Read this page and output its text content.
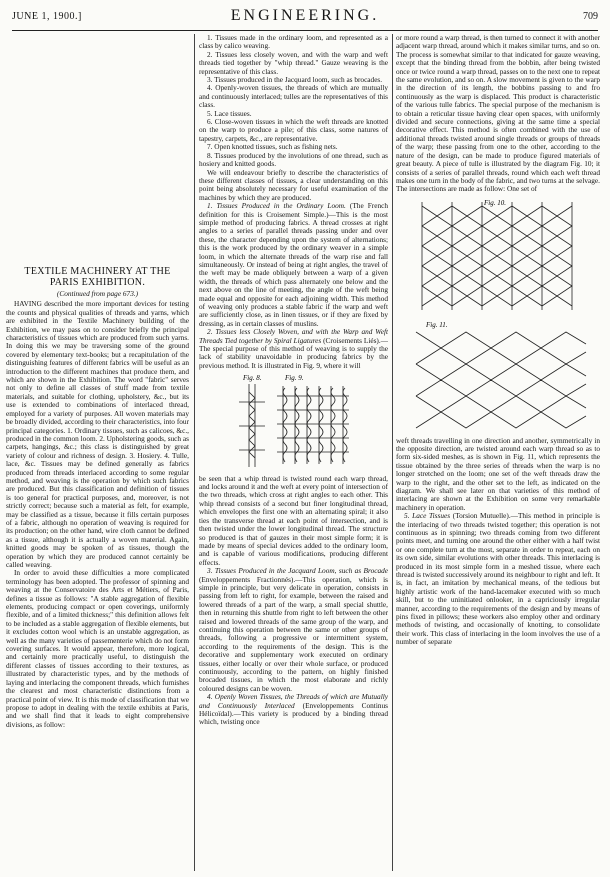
JUNE 1, 1900.]	ENGINEERING.	709
TEXTILE MACHINERY AT THE
PARIS EXHIBITION.
(Continued from page 673.)

HAVING described the more important devices for testing the counts and physical qualities of threads and yarns, which are exhibited in the Textile Machinery building of the Exhibition, we may pass on to consider briefly the principal characteristics of tissues which are produced from such yarns. In doing this we may be traversing some of the ground covered by elementary text-books; but a recapitulation of the distinguishing features of different fabrics will be useful as an introduction to the different machines that produce them, and which are shown in the Exhibition. The word "fabric" serves not only to define all classes of stuff made from textile materials, and suitable for clothing, upholstery, &c., but its use is extended to combinations of interlaced thread, employed for a variety of purposes. All woven materials may be broadly divided, according to their characteristics, into four principal categories. 1. Ordinary tissues, such as calicoes, &c., produced in the common loom. 2. Upholstering goods, such as carpets, hangings, &c.; this class is distinguished by great variety of colour and richness of design. 3. Hosiery. 4. Tulle, lace, &c. Tissues may be defined generally as fabrics produced from threads interlaced according to some regular method, and weaving is the operation by which such fabrics are produced. But this classification and definition of tissues is too general for practical purposes, and, moreover, is not strictly correct; because such a material as felt, for example, may be classified as a tissue, because it fills certain purposes of a fabric, although no operation of weaving is required for its production; on the other hand, wire cloth cannot be defined as a tissue, although it is actually a woven material. Again, knitted goods may be spoken of as tissues, though the operation by which they are produced cannot certainly be called weaving.

In order to avoid these difficulties a more complicated terminology has been adopted. The professor of spinning and weaving at the Conservatoire des Arts et Métiers, of Paris, defines a tissue as follows: "A stable aggregation of flexible elements, producing compact or open coverings, uniformly flexible, and of a limited thickness;" this definition allows felt to be included as a stable aggregation of flexible elements, but it excludes cotton wool which is an unstable aggregation, as well as the many varieties of passementerie which do not form covering surfaces. It would appear, therefore, more logical, and certainly more practically useful, to distinguish the different classes of tissues according to their textures, as illustrated by characteristic types, and by the methods of laying and interlacing the component threads, which furnishes the clearest and most characteristic distinctions from a practical point of view. It is this mode of classification that we propose to adopt in dealing with the textile exhibits at Paris, and we shall find that it leads to eight comprehensive divisions, as follow:

1. Tissues made in the ordinary loom, and represented as a class by calico weaving.

2. Tissues less closely woven, and with the warp and weft threads tied together by "whip thread." Gauze weaving is the representative of this class.

3. Tissues produced in the Jacquard loom, such as brocades.

4. Openly-woven tissues, the threads of which are mutually and continuously interlaced; tulles are the representatives of this class.

5. Lace tissues.

6. Close-woven tissues in which the weft threads are knotted on the warp to produce a pile; of this class, some natures of tapestry, carpets, &c., are representative.

7. Open knotted tissues, such as fishing nets.

8. Tissues produced by the involutions of one thread, such as hosiery and knitted goods.

We will endeavour briefly to describe the characteristics of these different classes of tissues, a clear understanding on this point being absolutely necessary for useful examination of the machines by which they are produced.

1. Tissues Produced in the Ordinary Loom. (The French definition for this is Croisement Simple.)—This is the most simple method of producing fabrics. A thread crosses at right angles to a series of parallel threads passing under and over these, the character depending upon the system of alternations; this is the work produced by the ordinary weaver in a simple loom, in which the alternate threads of the warp rise and fall simultaneously. Or instead of being at right angles, the travel of the weft may be made obliquely between a warp of a given width, the threads of which pass alternately one below and the next above on the line of meeting, the angle of the weft being made equal and opposite for each adjoining width. This method of weaving only produces a stable fabric if the warp and weft are sufficiently close, as in linen tissues, or if they are fixed by dressing, as in certain classes of muslins.

2. Tissues less Closely Woven, and with the Warp and Weft Threads Tied together by Spiral Ligatures (Croisements Liés).—The special purpose of this method of weaving is to supply the lack of stability unavoidable in producing fabrics by the previous method. It is illustrated in Fig. 9, where it will

Fig. 8.	Fig. 9.

be seen that a whip thread is twisted round each warp thread, and locks around it and the weft at every point of intersection of the two threads, which cross at right angles to each other. This whip thread consists of a second but finer longitudinal thread, which envelopes the first one with an alternating spiral; it also ties the transverse thread at each point of intersection, and is then twisted under the lower longitudinal thread. The structure so produced is that of gauzes in their most simple form; it is made by means of special devices added to the ordinary loom, and is capable of various modifications, producing different effects.

3. Tissues Produced in the Jacquard Loom, such as Brocade (Enveloppements Fractionnés).—This operation, which is simple in principle, but very delicate in operation, consists in passing from left to right, for example, between the raised and lowered threads of a part of the warp, a small special shuttle, then in returning this shuttle from right to left between the other raised and lowered threads of the same group of the warp, and continuing this operation between the same or other groups of threads, following a progressive or intermittent system, according to the requirements of the design. This is the decorative and supplementary work executed on ordinary tissues, either locally or over their whole surface, or produced continuously, according to the pattern, on highly finished brocaded tissues, in which the most elaborate and richly coloured designs can be woven.

4. Openly Woven Tissues, the Threads of which are Mutually and Continuously Interlaced (Enveloppements Continus Hélicoïdal).—This variety is produced by a binding thread which, twisting once

or more round a warp thread, is then turned to connect it with another adjacent warp thread, around which it makes similar turns, and so on. The process is somewhat similar to that indicated for gauze weaving, except that the binding thread from the bobbin, after being twisted once or twice round a warp thread, passes on to the next one to repeat the same evolution, and so on. A slow movement is given to the warp in the direction of its length, the bobbins passing to and fro continuously as the warp is displaced. This product is characteristic of the various tulle fabrics. The special purpose of the mechanism is to obtain a reticular tissue having clear open spaces, with uniformly divided and secure connections, giving at the same time a special decorative effect. This method is often combined with the use of additional threads twisted around single threads or groups of threads of the warp; these passing from one to the other, according to the nature of the design, can be made to produce figured materials of great beauty. A piece of tulle is illustrated by the diagram Fig. 10; it consists of a series of parallel threads, round which each weft thread makes one turn in the body of the fabric, and two turns at the selvage. The intersections are made as follow: One set of

Fig. 10.
Fig. 11.

weft threads travelling in one direction and another, symmetrically in the opposite direction, are twisted around each warp thread so as to form six-sided meshes, as is shown in Fig. 11, which represents the tissue obtained by the three series of threads when the warp is no longer stretched on the loom; one set of the weft threads draw the warp to the right, and the other set to the left, as indicated on the diagram. We shall see later on that varieties of this method of interlacing are shown at the Exhibition on some very remarkable machinery in operation.

5. Lace Tissues (Torsion Mutuelle).—This method in principle is the interlacing of two threads twisted together; this operation is not continuous as in spinning; two threads coming from two different points meet, and turning one around the other either with a half twist or one complete turn at the most, separate in order to repeat, each on its own side, similar evolutions with other threads. This interlacing is produced in its most simple form in a meshed tissue, where each thread is twisted successively around its neighbour to right and left. It is, in fact, an imitation by mechanical means, of the tedious but highly artistic work of the hand-lacemaker executed with so much skill, but to the uninitiated onlooker, in a capriciously irregular manner, according to the requirements of the design and by means of pins fixed in pillows; these workers also employ other and ordinary methods of twisting, and occasionally of knotting, to consolidate their work. This class of interlacing in the loom involves the use of a number of separate
